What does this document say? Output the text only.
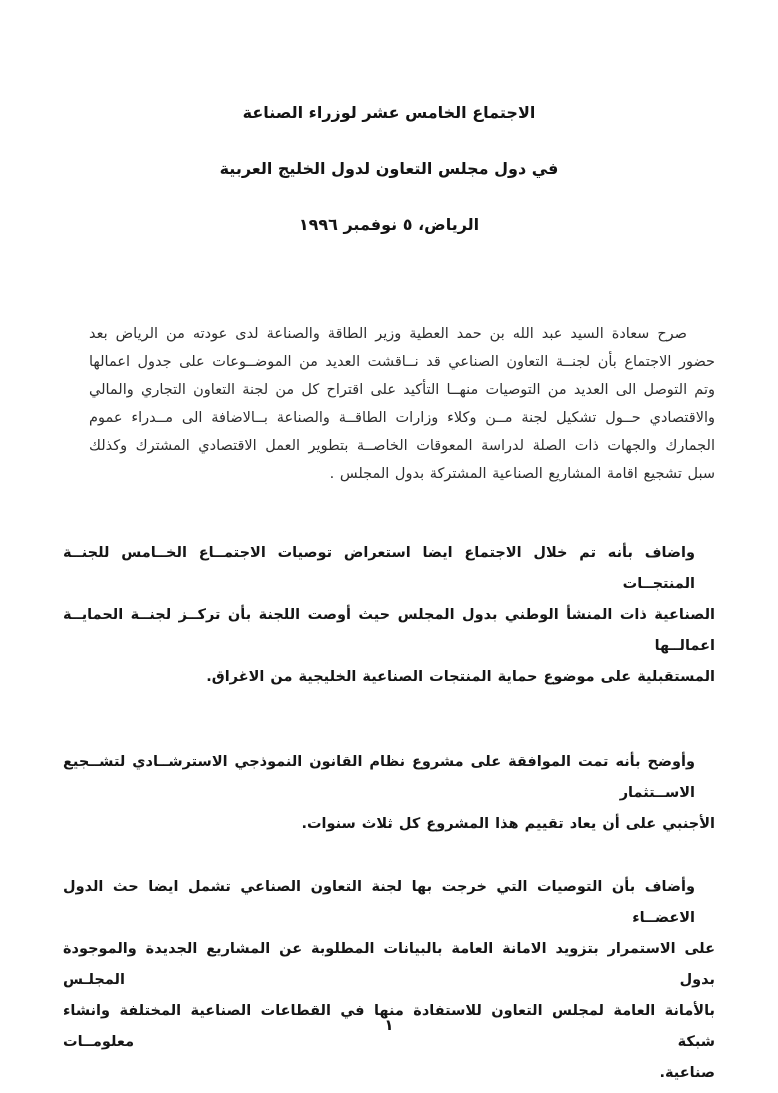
الاجتماع الخامس عشر لوزراء الصناعة
في دول مجلس التعاون لدول الخليج العربية
الرياض، ٥ نوفمبر ١٩٩٦
صرح سعادة السيد عبد الله بن حمد العطية وزير الطاقة والصناعة لدى عودته من الرياض بعد
حضور الاجتماع بأن لجنــة التعاون الصناعي قد نــاقشت العديد من الموضــوعات على جدول اعمالها
وتم التوصل الى العديد من التوصيات منهــا التأكيد على اقتراح كل من لجنة التعاون التجاري والمالي
والاقتصادي حــول تشكيل لجنة مــن وكلاء وزارات الطاقــة والصناعة بــالاضافة الى مــدراء عموم
الجمارك والجهات ذات الصلة لدراسة المعوقات الخاصــة بتطوير العمل الاقتصادي المشترك وكذلك
سبل تشجيع اقامة المشاريع الصناعية المشتركة بدول المجلس .
واضاف بأنه تم خلال الاجتماع ايضا استعراض توصيات الاجتمــاع الخــامس للجنــة المنتجــات
الصناعية ذات المنشأ الوطني بدول المجلس حيث أوصت اللجنة بأن تركــز لجنــة الحمايــة اعمالــها
المستقبلية على موضوع حماية المنتجات الصناعية الخليجية من الاغراق.
وأوضح بأنه تمت الموافقة على مشروع نظام القانون النموذجي الاسترشــادي لتشــجيع الاســتثمار
الأجنبي على أن يعاد تقييم هذا المشروع كل ثلاث سنوات.
وأضاف بأن التوصيات التي خرجت بها لجنة التعاون الصناعي تشمل ايضا حث الدول الاعضــاء
على الاستمرار بتزويد الامانة العامة بالبيانات المطلوبة عن المشاريع الجديدة والموجودة بدول المجلـس
بالأمانة العامة لمجلس التعاون للاستفادة منها في القطاعات الصناعية المختلفة وانشاء شبكة معلومــات
صناعية.
١
